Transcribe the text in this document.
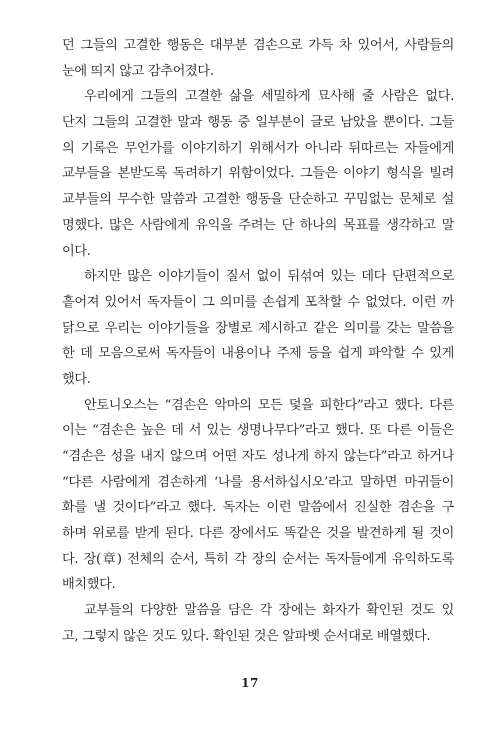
던 그들의 고결한 행동은 대부분 겸손으로 가득 차 있어서, 사람들의
눈에 띄지 않고 감추어졌다.
우리에게 그들의 고결한 삶을 세밀하게 묘사해 줄 사람은 없다.
단지 그들의 고결한 말과 행동 중 일부분이 글로 남았을 뿐이다. 그들
의 기록은 무언가를 이야기하기 위해서가 아니라 뒤따르는 자들에게
교부들을 본받도록 독려하기 위함이었다. 그들은 이야기 형식을 빌려
교부들의 무수한 말씀과 고결한 행동을 단순하고 꾸밈없는 문체로 설
명했다. 많은 사람에게 유익을 주려는 단 하나의 목표를 생각하고 말
이다.
하지만 많은 이야기들이 질서 없이 뒤섞여 있는 데다 단편적으로
흩어져 있어서 독자들이 그 의미를 손쉽게 포착할 수 없었다. 이런 까
닭으로 우리는 이야기들을 장별로 제시하고 같은 의미를 갖는 말씀을
한 데 모음으로써 독자들이 내용이나 주제 등을 쉽게 파악할 수 있게
했다.
안토니오스는 “겸손은 악마의 모든 덫을 피한다”라고 했다. 다른
이는 “겸손은 높은 데 서 있는 생명나무다”라고 했다. 또 다른 이들은
“겸손은 성을 내지 않으며 어떤 자도 성나게 하지 않는다”라고 하거나
“다른 사람에게 겸손하게 ‘나를 용서하십시오’라고 말하면 마귀들이
화를 낼 것이다”라고 했다. 독자는 이런 말씀에서 진실한 겸손을 구
하며 위로를 받게 된다. 다른 장에서도 똑같은 것을 발견하게 될 것이
다. 장(章) 전체의 순서, 특히 각 장의 순서는 독자들에게 유익하도록
배치했다.
교부들의 다양한 말씀을 담은 각 장에는 화자가 확인된 것도 있
고, 그렇지 않은 것도 있다. 확인된 것은 알파벳 순서대로 배열했다.
17
